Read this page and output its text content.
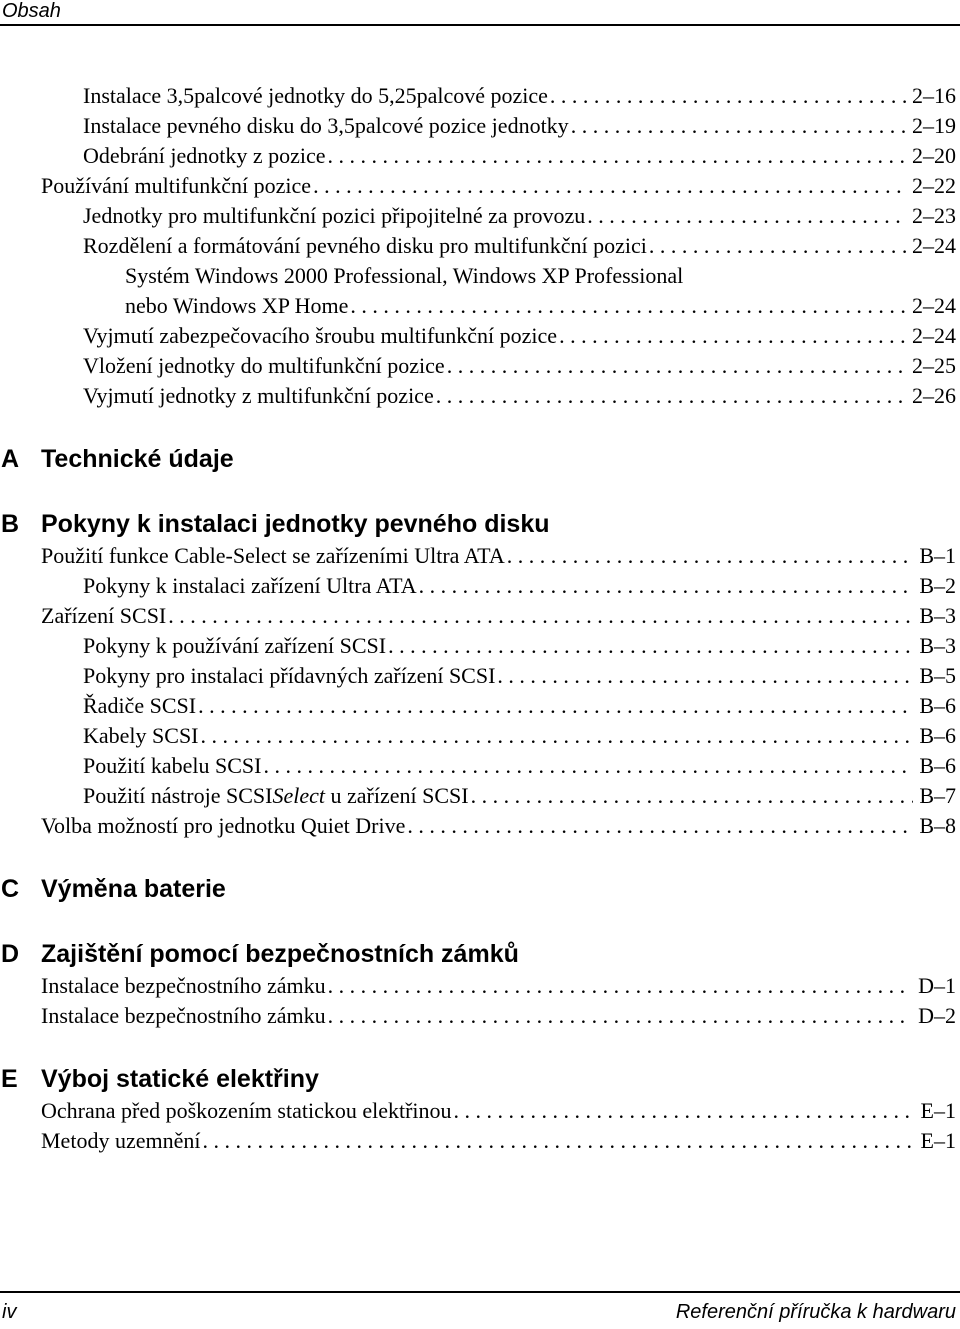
Obsah
Instalace 3,5palcové jednotky do 5,25palcové pozice . . .	2–16
Instalace pevného disku do 3,5palcové pozice jednotky . . .	2–19
Odebrání jednotky z pozice . . .	2–20
Používání multifunkční pozice . . .	2–22
Jednotky pro multifunkční pozici připojitelné za provozu . . .	2–23
Rozdělení a formátování pevného disku pro multifunkční pozici . . .	2–24
Systém Windows 2000 Professional, Windows XP Professional
nebo Windows XP Home . . .	2–24
Vyjmutí zabezpečovacího šroubu multifunkční pozice . . .	2–24
Vložení jednotky do multifunkční pozice . . .	2–25
Vyjmutí jednotky z multifunkční pozice . . .	2–26
A Technické údaje
B Pokyny k instalaci jednotky pevného disku
Použití funkce Cable-Select se zařízeními Ultra ATA . . .	B–1
Pokyny k instalaci zařízení Ultra ATA . . .	B–2
Zařízení SCSI . . .	B–3
Pokyny k používání zařízení SCSI . . .	B–3
Pokyny pro instalaci přídavných zařízení SCSI . . .	B–5
Řadiče SCSI . . .	B–6
Kabely SCSI . . .	B–6
Použití kabelu SCSI . . .	B–6
Použití nástroje SCSISelect u zařízení SCSI . . .	B–7
Volba možností pro jednotku Quiet Drive . . .	B–8
C Výměna baterie
D Zajištění pomocí bezpečnostních zámků
Instalace bezpečnostního zámku . . .	D–1
Instalace bezpečnostního zámku . . .	D–2
E Výboj statické elektřiny
Ochrana před poškozením statickou elektřinou . . .	E–1
Metody uzemnění . . .	E–1
iv	Referenční příručka k hardwaru
